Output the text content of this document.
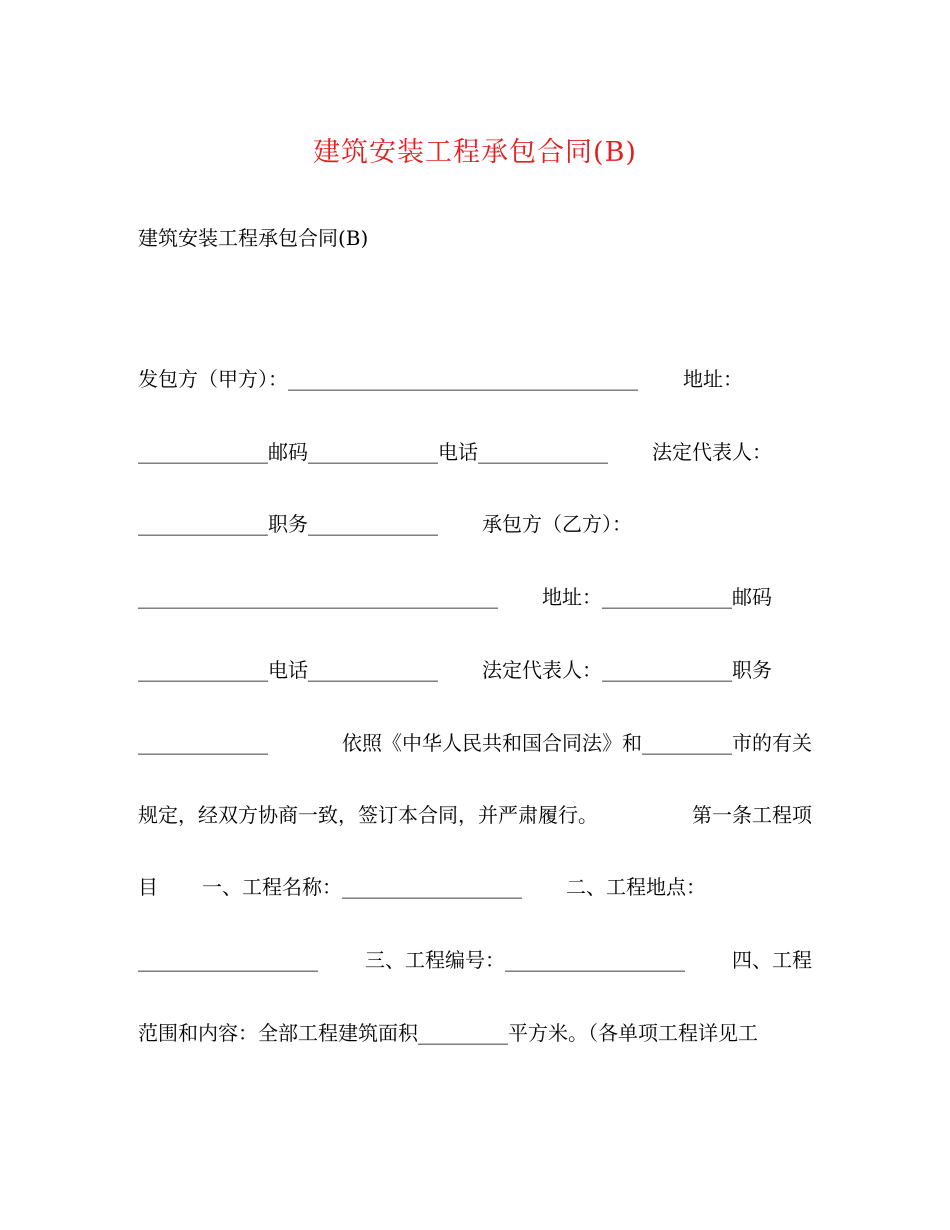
建筑安装工程承包合同(B)

建筑安装工程承包合同(B)

发包方（甲方）：___________________________________ 地址：
_____________邮码_____________电话_____________ 法定代表人：
_____________职务_____________ 承包方（乙方）：
____________________________________ 地址：_____________邮码
_____________电话_____________ 法定代表人：_____________职务
_____________	依照《中华人民共和国合同法》和_________市的有关
规定，经双方协商一致，签订本合同，并严肃履行。	第一条工程项
目 一、工程名称：__________________ 二、工程地点：
__________________ 三、工程编号：__________________ 四、工程
范围和内容：全部工程建筑面积_________平方米。（各单项工程详见工
